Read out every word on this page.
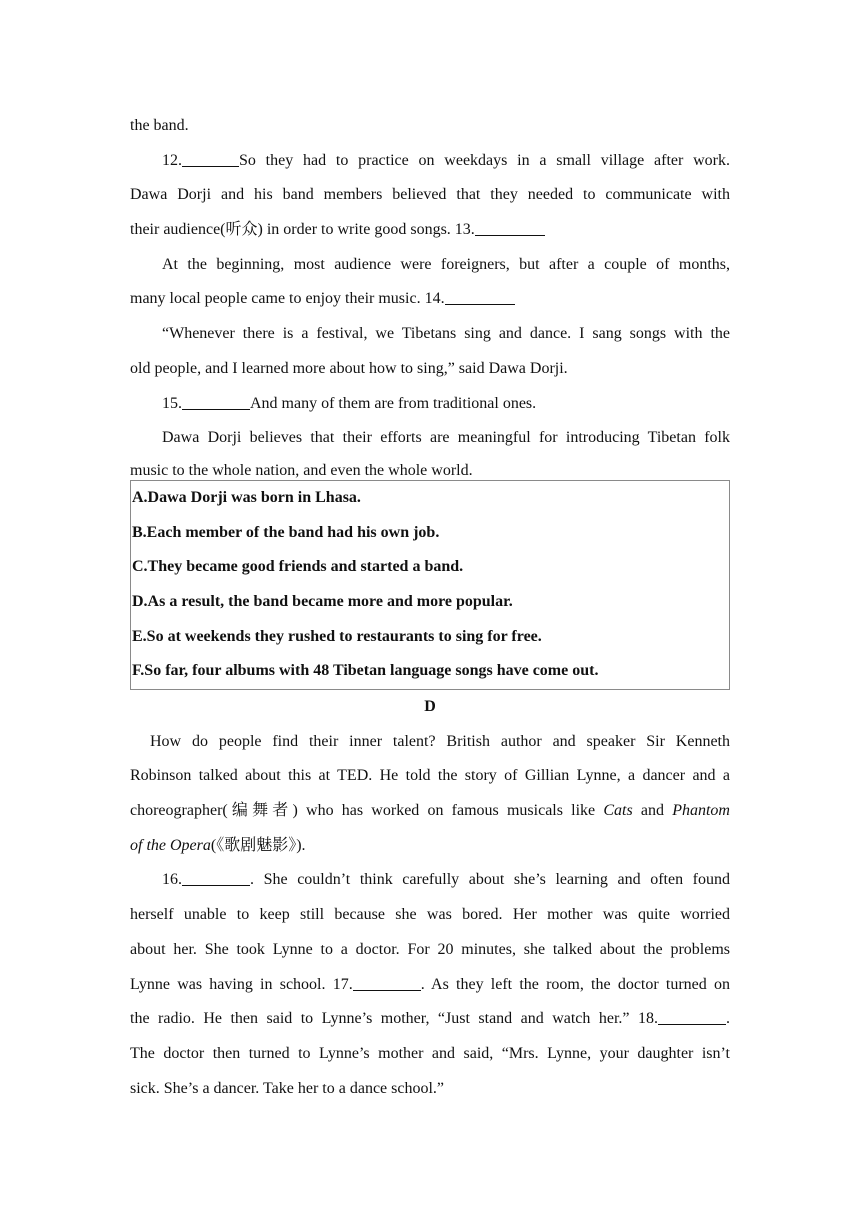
the band.
12.	So they had to practice on weekdays in a small village after work.
Dawa Dorji and his band members believed that they needed to communicate with
their audience(听众) in order to write good songs. 13.
At the beginning, most audience were foreigners, but after a couple of months,
many local people came to enjoy their music. 14.
“Whenever there is a festival, we Tibetans sing and dance. I sang songs with the
old people, and I learned more about how to sing,” said Dawa Dorji.
15.	And many of them are from traditional ones.
Dawa Dorji believes that their efforts are meaningful for introducing Tibetan folk
music to the whole nation, and even the whole world.
A.Dawa Dorji was born in Lhasa.
B.Each member of the band had his own job.
C.They became good friends and started a band.
D.As a result, the band became more and more popular.
E.So at weekends they rushed to restaurants to sing for free.
F.So far, four albums with 48 Tibetan language songs have come out.
D
How do people find their inner talent? British author and speaker Sir Kenneth
Robinson talked about this at TED. He told the story of Gillian Lynne, a dancer and a
choreographer(编舞者) who has worked on famous musicals like Cats and Phantom
of the Opera(《歌剧魅影》).
16.	. She couldn’t think carefully about she’s learning and often found
herself unable to keep still because she was bored. Her mother was quite worried
about her. She took Lynne to a doctor. For 20 minutes, she talked about the problems
Lynne was having in school. 17.	. As they left the room, the doctor turned on
the radio. He then said to Lynne’s mother, “Just stand and watch her.” 18.	.
The doctor then turned to Lynne’s mother and said, “Mrs. Lynne, your daughter isn’t
sick. She’s a dancer. Take her to a dance school.”
